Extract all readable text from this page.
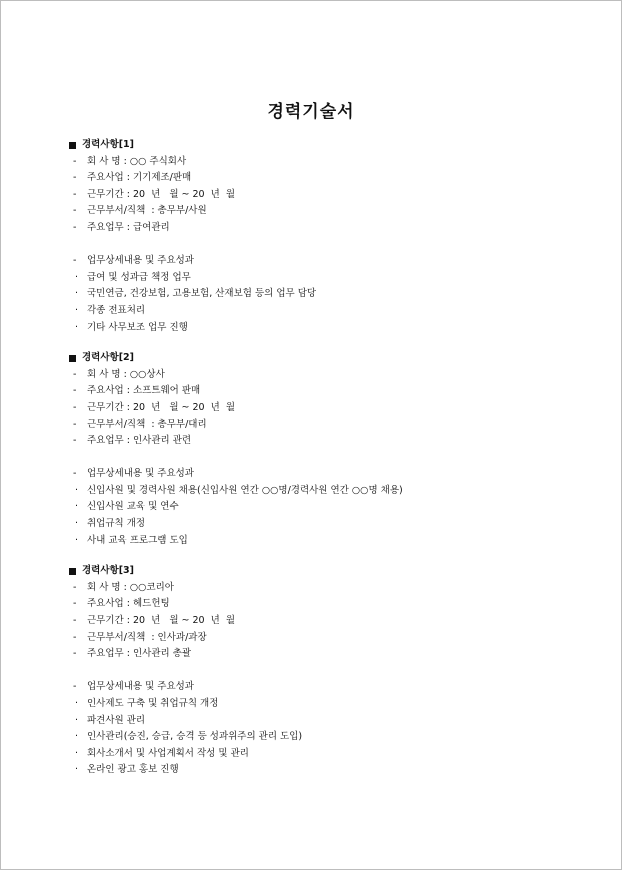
경력기술서
경력사항[1]
-	회 사 명 : ○○ 주식회사
-	주요사업 : 기기제조/판매
-	근무기간 : 20  년   월 ~ 20  년  월
-	근무부서/직책 : 총무부/사원
-	주요업무 : 급여관리
-	업무상세내용 및 주요성과
· 급여 및 성과급 책정 업무
· 국민연금, 건강보험, 고용보험, 산재보험 등의 업무 담당
· 각종 전표처리
· 기타 사무보조 업무 진행
경력사항[2]
-	회 사 명 : ○○상사
-	주요사업 : 소프트웨어 판매
-	근무기간 : 20  년   월 ~ 20  년  월
-	근무부서/직책 : 총무부/대리
-	주요업무 : 인사관리 관련
-	업무상세내용 및 주요성과
· 신입사원 및 경력사원 채용(신입사원 연간 ○○명/경력사원 연간 ○○명 채용)
· 신입사원 교육 및 연수
· 취업규칙 개정
· 사내 교육 프로그램 도입
경력사항[3]
-	회 사 명 : ○○코리아
-	주요사업 : 헤드헌팅
-	근무기간 : 20  년   월 ~ 20  년  월
-	근무부서/직책 : 인사과/과장
-	주요업무 : 인사관리 총괄
-	업무상세내용 및 주요성과
· 인사제도 구축 및 취업규칙 개정
· 파견사원 관리
· 인사관리(승진, 승급, 승격 등 성과위주의 관리 도입)
· 회사소개서 및 사업계획서 작성 및 관리
· 온라인 광고 홍보 진행
